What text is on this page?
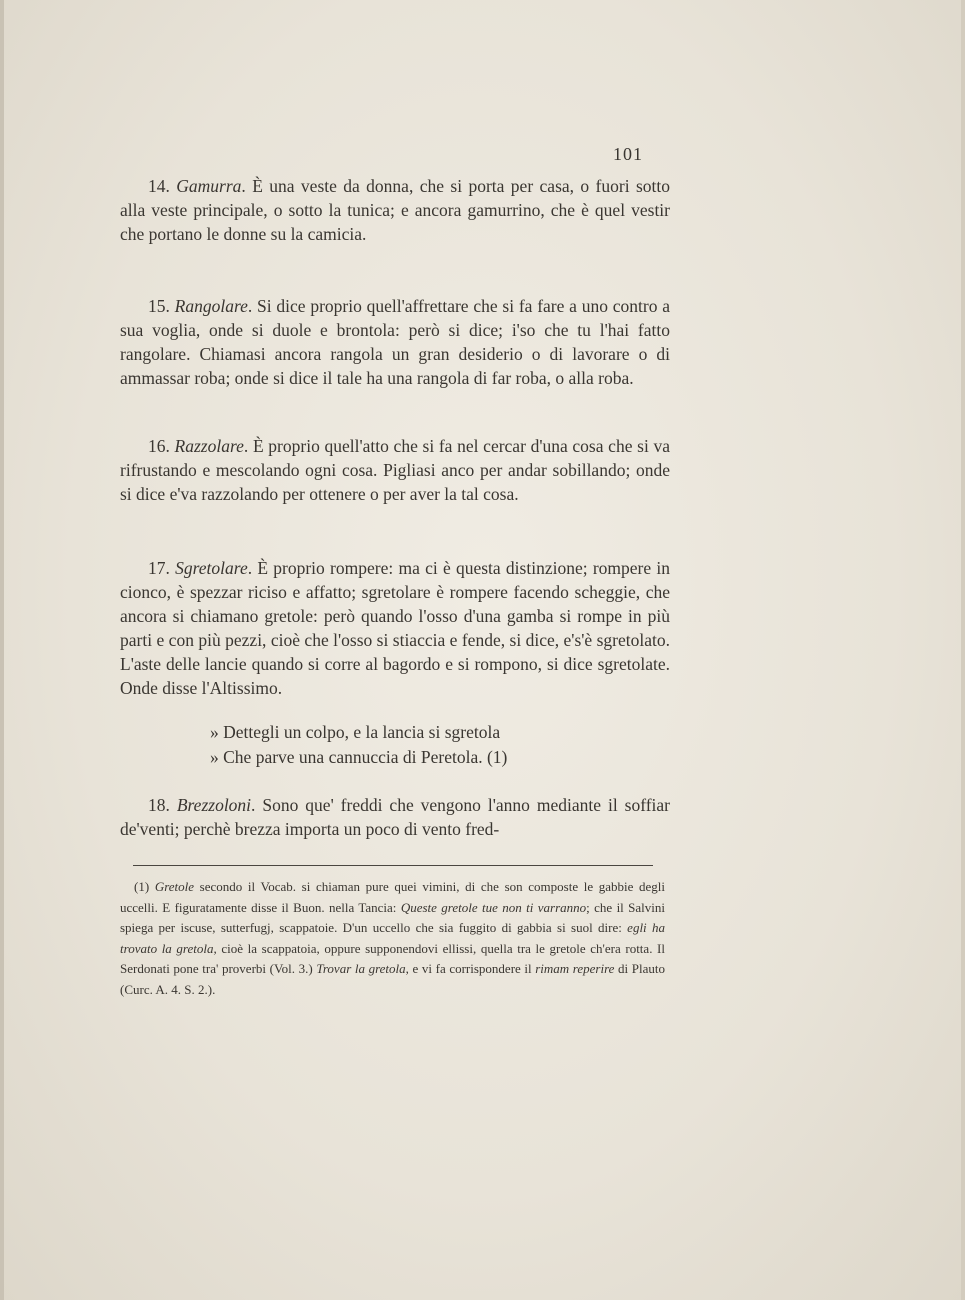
101

14. Gamurra. È una veste da donna, che si porta per casa, o fuori sotto alla veste principale, o sotto la tunica; e ancora gamurrino, che è quel vestir che portano le donne su la camicia.

15. Rangolare. Si dice proprio quell'affrettare che si fa fare a uno contro a sua voglia, onde si duole e brontola: però si dice; i'so che tu l'hai fatto rangolare. Chiamasi ancora rangola un gran desiderio o di lavorare o di ammassar roba; onde si dice il tale ha una rangola di far roba, o alla roba.

16. Razzolare. È proprio quell'atto che si fa nel cercar d'una cosa che si va rifrustando e mescolando ogni cosa. Pigliasi anco per andar sobillando; onde si dice e'va razzolando per ottenere o per aver la tal cosa.

17. Sgretolare. È proprio rompere: ma ci è questa distinzione; rompere in cionco, è spezzar riciso e affatto; sgretolare è rompere facendo scheggie, che ancora si chiamano gretole: però quando l'osso d'una gamba si rompe in più parti e con più pezzi, cioè che l'osso si stiaccia e fende, si dice, e's'è sgretolato. L'aste delle lancie quando si corre al bagordo e si rompono, si dice sgretolate. Onde disse l'Altissimo.

» Dettegli un colpo, e la lancia si sgretola

» Che parve una cannuccia di Peretola. (1)

18. Brezzoloni. Sono que' freddi che vengono l'anno mediante il soffiar de'venti; perchè brezza importa un poco di vento fred-

(1) Gretole secondo il Vocab. si chiaman pure quei vimini, di che son composte le gabbie degli uccelli. E figuratamente disse il Buon. nella Tancia: Queste gretole tue non ti varranno; che il Salvini spiega per iscuse, sutterfugj, scappatoie. D'un uccello che sia fuggito di gabbia si suol dire: egli ha trovato la gretola, cioè la scappatoia, oppure supponendovi ellissi, quella tra le gretole ch'era rotta. Il Serdonati pone tra' proverbi (Vol. 3.) Trovar la gretola, e vi fa corrispondere il rimam reperire di Plauto (Curc. A. 4. S. 2.).
